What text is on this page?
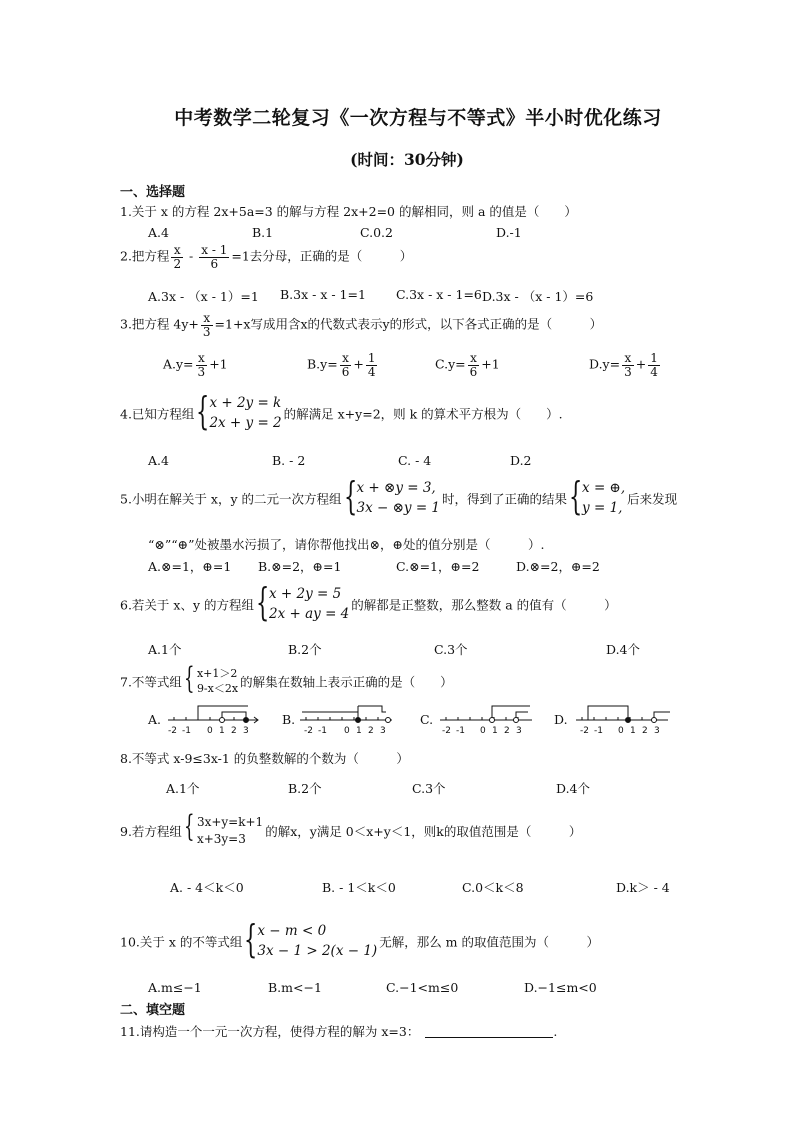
中考数学二轮复习《一次方程与不等式》半小时优化练习
(时间：30分钟)
一、选择题
1.关于 x 的方程 2x+5a=3 的解与方程 2x+2=0 的解相同，则 a 的值是（　　）
A.4	B.1	C.0.2	D.-1
2.把方程 $\frac{x}{2} - \frac{x - 1}{6} =1$去分母，正确的是（　　　）
A.3x - （x - 1）=1 B.3x - x - 1=1 C.3x - x - 1=6 D.3x - （x - 1）=6
3.把方程 $4y+ \frac{x}{3} =1+x$写成用含x的代数式表示y的形式，以下各式正确的是（　　　）
$A.y= \frac{x}{3} +1$	$B.y= \frac{x}{6} + \frac{1}{4}$	$C.y= \frac{x}{6} +1$	$D.y= \frac{x}{3} + \frac{1}{4}$
4.已知方程组 { x + 2y = k
2x + y = 2
的解满足 x+y=2，则 k 的算术平方根为（　　）.
A.4	B. - 2	C. - 4	D.2
5.小明在解关于 x，y 的二元一次方程组 { x + ⊗y = 3,
3x − ⊗y = 1
时，得到了正确的结果 { x = ⊕,
y = 1,
后来发现
“⊗”“⊕”处被墨水污损了，请你帮他找出⊗，⊕处的值分别是（　　　）.
A.⊗=1，⊕=1 B.⊗=2，⊕=1	C.⊗=1，⊕=2	D.⊗=2，⊕=2
6.若关于 x、y 的方程组 { x + 2y = 5
2x + ay = 4
的解都是正整数，那么整数 a 的值有（　　　）
A.1个	B.2个	C.3个	D.4个
7.不等式组 { x+1＞2
9-x＜2x 的解集在数轴上表示正确的是（　　）
A.	B.	C.	D.
-2 -1 0 1 2 3	-2 -1 0 1 2 3	-2 -1 0 1 2 3	-2 -1 0 1 2 3
8.不等式 x-9≤3x-1 的负整数解的个数为（　　　）
A.1个	B.2个	C.3个	D.4个
9.若方程组 { 3x+y=k+1
x+3y=3	的解x，y满足 0＜x+y＜1，则k的取值范围是（　　　）
A. - 4＜k＜0	B. - 1＜k＜0	C.0＜k＜8	D.k＞ - 4
10.关于 x 的不等式组 { x − m < 0
3x − 1 > 2(x − 1)
无解，那么 m 的取值范围为（　　　）
A.m≤−1	B.m<−1	C.−1<m≤0	D.−1≤m<0
二、填空题
11.请构造一个一元一次方程，使得方程的解为 x=3：	.
